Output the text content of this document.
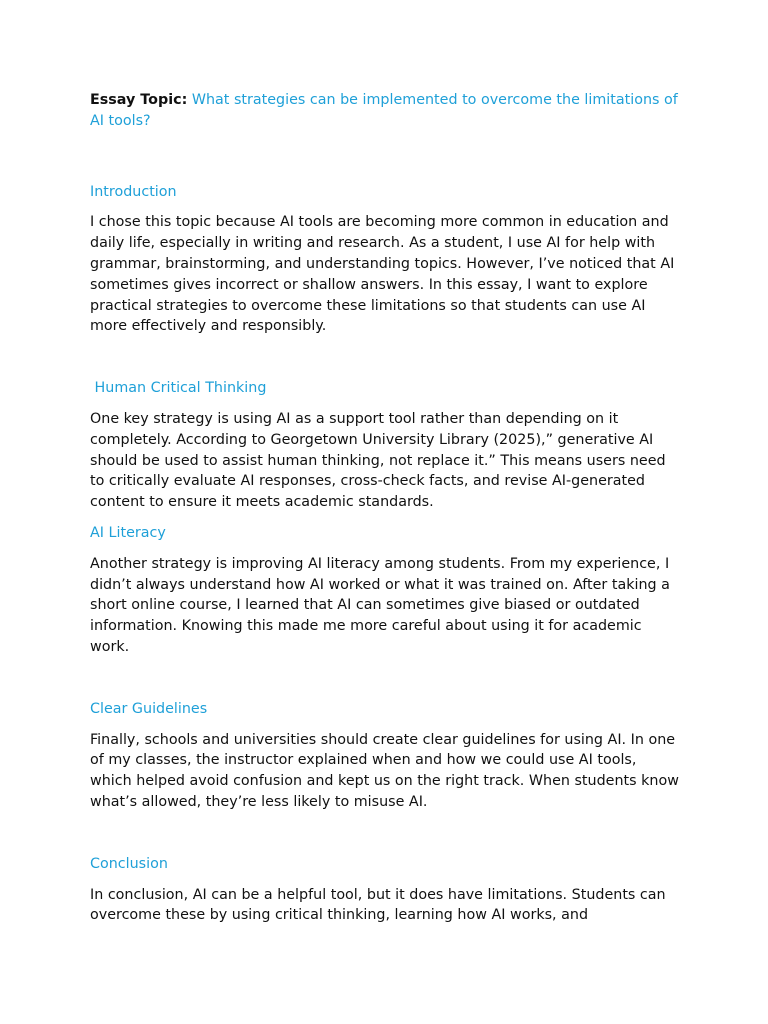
Essay Topic: What strategies can be implemented to overcome the limitations of AI tools?

Introduction

I chose this topic because AI tools are becoming more common in education and daily life, especially in writing and research. As a student, I use AI for help with grammar, brainstorming, and understanding topics. However, I’ve noticed that AI sometimes gives incorrect or shallow answers. In this essay, I want to explore practical strategies to overcome these limitations so that students can use AI more effectively and responsibly.

Human Critical Thinking

One key strategy is using AI as a support tool rather than depending on it completely. According to Georgetown University Library (2025),” generative AI should be used to assist human thinking, not replace it.” This means users need to critically evaluate AI responses, cross-check facts, and revise AI-generated content to ensure it meets academic standards.

AI Literacy

Another strategy is improving AI literacy among students. From my experience, I didn’t always understand how AI worked or what it was trained on. After taking a short online course, I learned that AI can sometimes give biased or outdated information. Knowing this made me more careful about using it for academic work.

Clear Guidelines

Finally, schools and universities should create clear guidelines for using AI. In one of my classes, the instructor explained when and how we could use AI tools, which helped avoid confusion and kept us on the right track. When students know what’s allowed, they’re less likely to misuse AI.

Conclusion

In conclusion, AI can be a helpful tool, but it does have limitations. Students can overcome these by using critical thinking, learning how AI works, and
